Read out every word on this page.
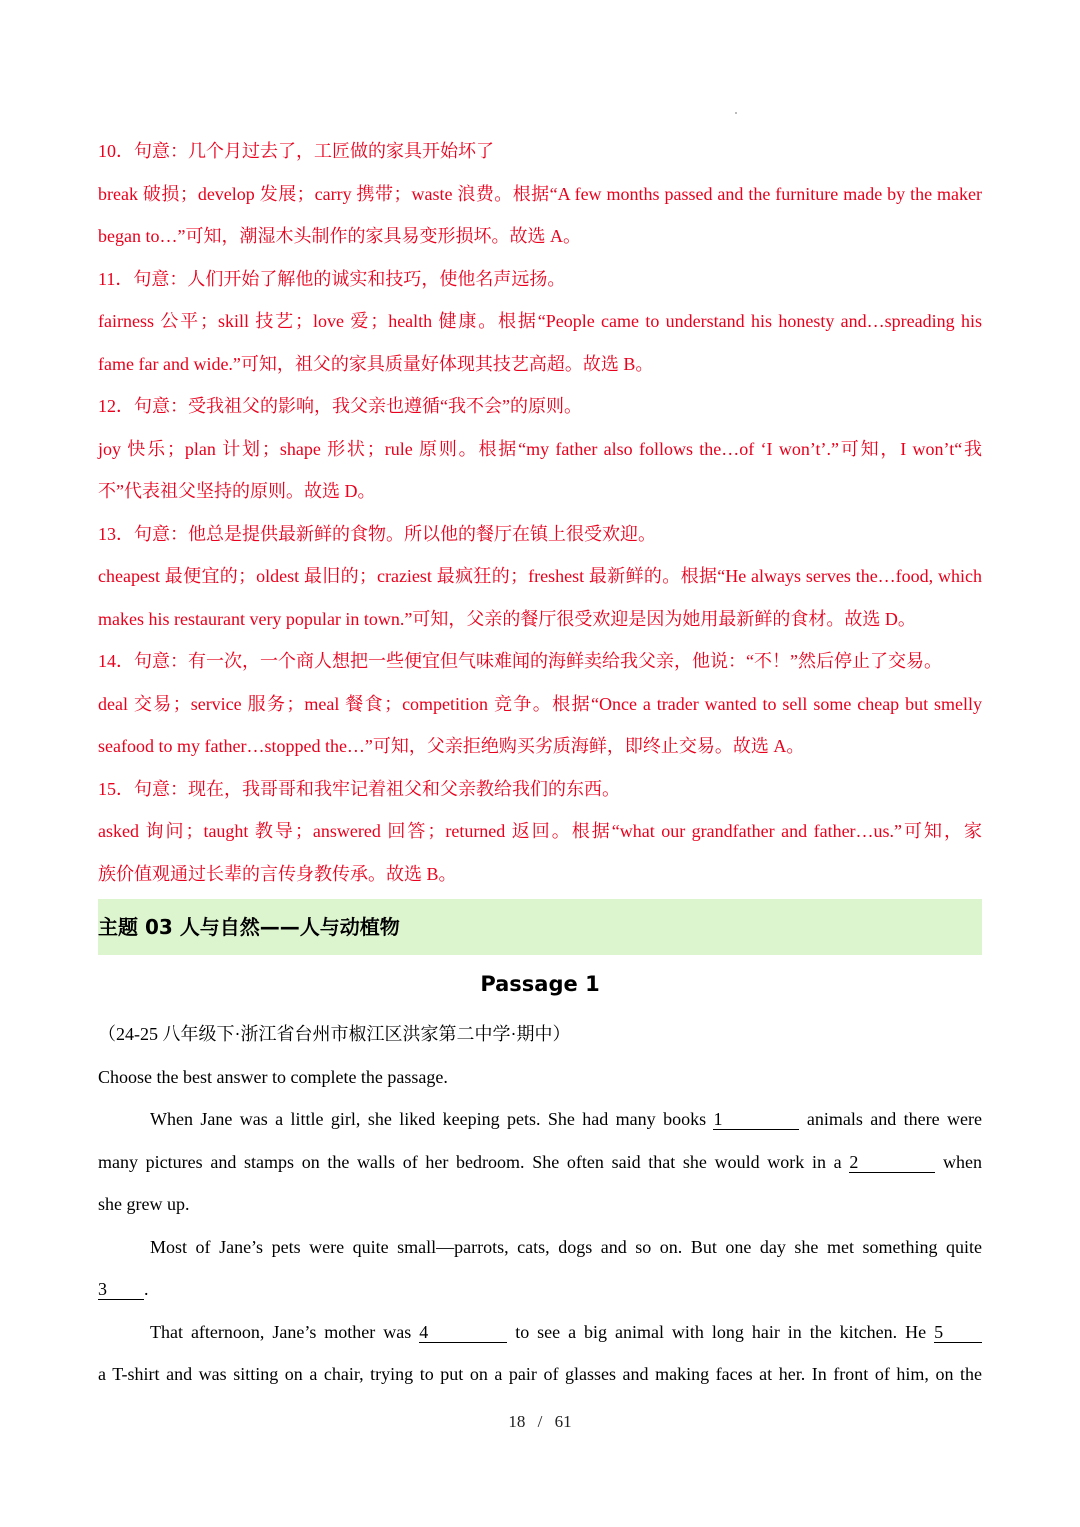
10．句意：几个月过去了，工匠做的家具开始坏了
break 破损；develop 发展；carry 携带；waste 浪费。根据“A few months passed and the furniture made by the maker
began to…”可知，潮湿木头制作的家具易变形损坏。故选 A。
11．句意：人们开始了解他的诚实和技巧，使他名声远扬。
fairness 公平；skill 技艺；love 爱；health 健康。根据“People came to understand his honesty and…spreading his
fame far and wide.”可知，祖父的家具质量好体现其技艺高超。故选 B。
12．句意：受我祖父的影响，我父亲也遵循“我不会”的原则。
joy 快乐；plan 计划；shape 形状；rule 原则。根据“my father also follows the…of ‘I won’t’.”可知，I won’t“我
不”代表祖父坚持的原则。故选 D。
13．句意：他总是提供最新鲜的食物。所以他的餐厅在镇上很受欢迎。
cheapest 最便宜的；oldest 最旧的；craziest 最疯狂的；freshest 最新鲜的。根据“He always serves the…food, which
makes his restaurant very popular in town.”可知，父亲的餐厅很受欢迎是因为她用最新鲜的食材。故选 D。
14．句意：有一次，一个商人想把一些便宜但气味难闻的海鲜卖给我父亲，他说：“不！”然后停止了交易。
deal 交易；service 服务；meal 餐食；competition 竞争。根据“Once a trader wanted to sell some cheap but smelly
seafood to my father…stopped the…”可知，父亲拒绝购买劣质海鲜，即终止交易。故选 A。
15．句意：现在，我哥哥和我牢记着祖父和父亲教给我们的东西。
asked 询问；taught 教导；answered 回答；returned 返回。根据“what our grandfather and father…us.”可知，家
族价值观通过长辈的言传身教传承。故选 B。
主题 03 人与自然——人与动植物
Passage 1
（24-25 八年级下·浙江省台州市椒江区洪家第二中学·期中）
Choose the best answer to complete the passage.
When Jane was a little girl, she liked keeping pets. She had many books 1	animals and there were
many pictures and stamps on the walls of her bedroom. She often said that she would work in a 2	when
she grew up.
Most of Jane’s pets were quite small—parrots, cats, dogs and so on. But one day she met something quite
3 .
That afternoon, Jane’s mother was 4	to see a big animal with long hair in the kitchen. He 5
a T-shirt and was sitting on a chair, trying to put on a pair of glasses and making faces at her. In front of him, on the
18 / 61
